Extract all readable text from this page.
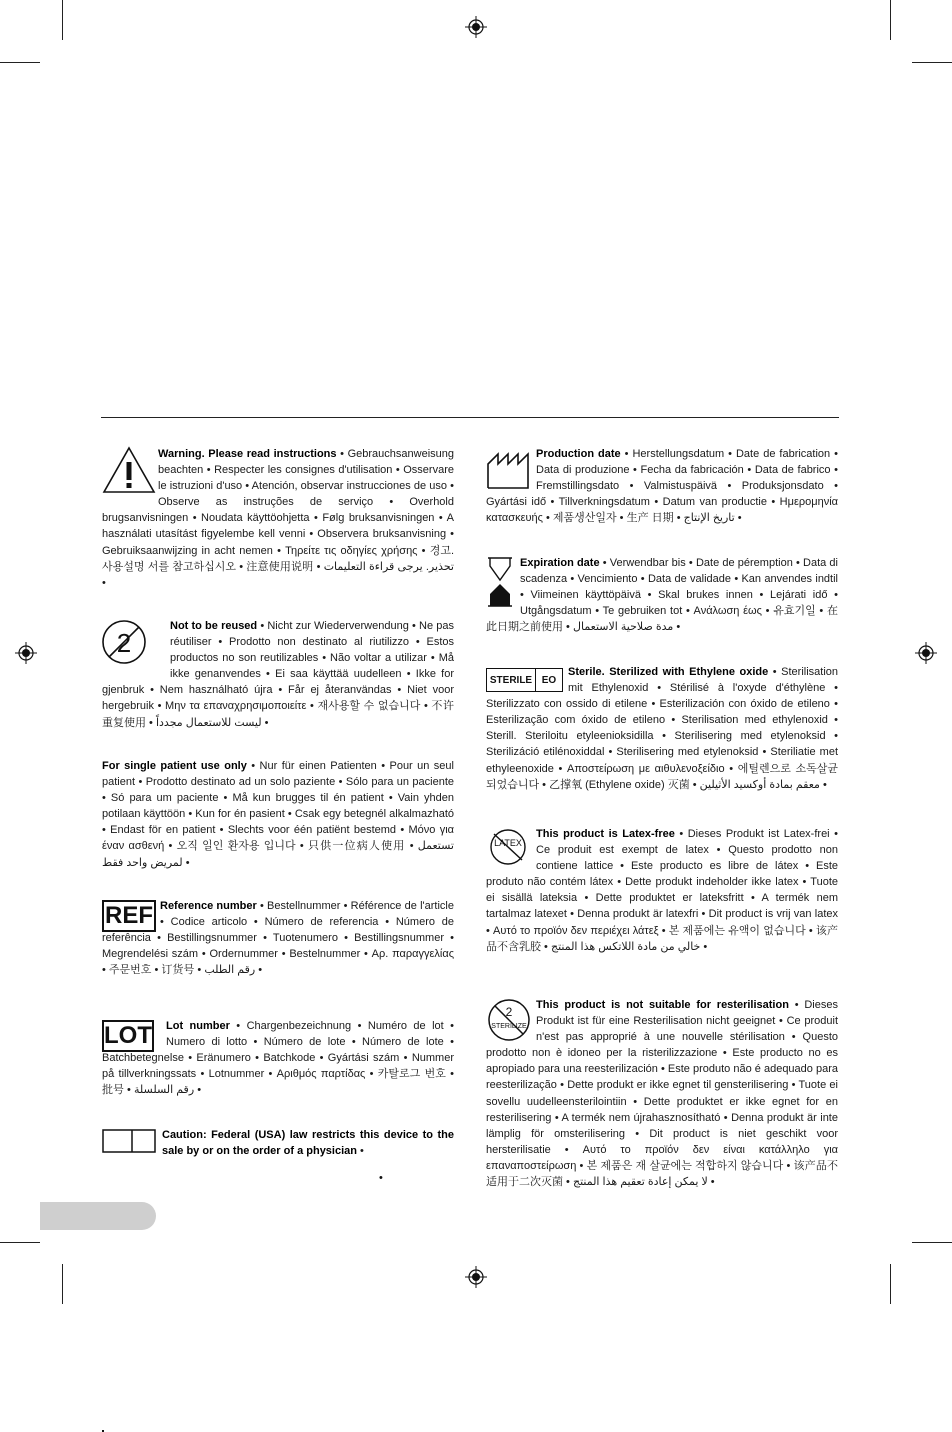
Warning. Please read instructions • Gebrauchsanweisung beachten • Respecter les consignes d'utilisation • Osservare le istruzioni d'uso • Atención, observar instrucciones de uso • Observe as instruções de serviço • Overhold brugsanvisningen • Noudata käyttöohjetta • Følg bruksanvisningen • A használati utasítást figyelembe kell venni • Observera bruksanvisning • Gebruiksaanwijzing in acht nemen • Τηρείτε τις οδηγίες χρήσης • 경고. 사용설명 서를 참고하십시오 • 注意使用说明 • تحذير. يرجى قراءة التعليمات •
2
Not to be reused • Nicht zur Wiederverwendung • Ne pas réutiliser • Prodotto non destinato al riutilizzo • Estos productos no son reutilizables • Não voltar a utilizar • Må ikke genanvendes • Ei saa käyttää uudelleen • Ikke for gjenbruk • Nem használható újra • Får ej återanvändas • Niet voor hergebruik • Μην τα επαναχρησιμοποιείτε • 재사용할 수 없습니다 • 不许重复使用 • ليست للاستعمال مجدداً •
For single patient use only • Nur für einen Patienten • Pour un seul patient • Prodotto destinato ad un solo paziente • Sólo para un paciente • Só para um paciente • Må kun brugges til én patient • Vain yhden potilaan käyttöön • Kun for én pasient • Csak egy betegnél alkalmazható • Endast för en patient • Slechts voor één patiënt bestemd • Μόνο για έναν ασθενή • 오직 일인 환자용 입니다 • 只供一位病人使用 • تستعمل لمريض واحد فقط •
REF Reference number • Bestellnummer • Référence de l'article • Codice articolo • Número de referencia • Número de referência • Bestillingsnummer • Tuotenumero • Bestillingsnummer • Megrendelési szám • Ordernummer • Bestelnummer • Αρ. παραγγελίας • 주문번호 • 订货号 • رقم الطلب •
LOT	Lot number • Chargenbezeichnung • Numéro de lot • Numero di lotto • Número de lote • Número de lote • Batchbetegnelse • Eränumero • Batchkode • Gyártási szám • Nummer på tillverkningssats • Lotnummer • Αριθμός παρτίδας • 카탈로그 번호 • 批号 • رقم السلسلة •
Caution: Federal (USA) law restricts this device to the sale by or on the order of a physician •
•
Production date • Herstellungsdatum • Date de fabrication • Data di produzione • Fecha da fabricación • Data de fabrico • Fremstillingsdato • Valmistuspäivä • Produksjonsdato • Gyártási idő • Tillverkningsdatum • Datum van productie • Ημερομηνία κατασκευής • 제품생산일자 • 生产 日期 • تاريخ الإنتاج •
Expiration date • Verwendbar bis • Date de péremption • Data di scadenza • Vencimiento • Data de validade • Kan anvendes indtil • Viimeinen käyttöpäivä • Skal brukes innen • Lejárati idő • Utgångsdatum • Te gebruiken tot • Ανάλωση έως • 유효기일 • 在此日期之前使用 • مدة صلاحية الاستعمال •
STERILE EO
Sterile. Sterilized with Ethylene oxide • Sterilisation mit Ethylenoxid • Stérilisé à l'oxyde d'éthylène • Sterilizzato con ossido di etilene • Esterilización con óxido de etileno • Esterilização com óxido de etileno • Sterilisation med ethylenoxid • Sterill. Steriloitu etyleenioksidilla • Sterilisering med etylenoksid • Sterilizáció etilénoxiddal • Sterilisering med etylenoksid • Steriliatie met ethyleenoxide • Αποστείρωση με αιθυλενοξείδιο • 에틸렌으로 소독살균 되었습니다 • 乙撑氧 (Ethylene oxide) 灭菌 • معقم بمادة أوكسيد الأثيلين •
LATEX
This product is Latex-free • Dieses Produkt ist Latex-frei • Ce produit est exempt de latex • Questo prodotto non contiene lattice • Este producto es libre de látex • Este produto não contém látex • Dette produkt indeholder ikke latex • Tuote ei sisällä lateksia • Dette produktet er lateksfritt • A termék nem tartalmaz latexet • Denna produkt är latexfri • Dit product is vrij van latex • Αυτό το προϊόν δεν περιέχει λάτεξ • 본 제품에는 유액이 없습니다 • 该产品不含乳胶 • خالي من مادة اللاتكس هذا المنتج •
2
STERILIZE
This product is not suitable for resterilisation • Dieses Produkt ist für eine Resterilisation nicht geeignet • Ce produit n'est pas approprié à une nouvelle stérilisation • Questo prodotto non è idoneo per la risterilizzazione • Este producto no es apropiado para una reesterilización • Este produto não é adequado para reesterilização • Dette produkt er ikke egnet til gensterilisering • Tuote ei sovellu uudelleensterilointiin • Dette produktet er ikke egnet for en resterilisering • A termék nem újrahasznosítható • Denna produkt är inte lämplig för omsterilisering • Dit product is niet geschikt voor hersterilisatie • Αυτό το προϊόν δεν είναι κατάλληλο για επαναποστείρωση • 본 제품은 재 살균에는 적합하지 않습니다 • 该产品不适用于二次灭菌 • لا يمكن إعادة تعقيم هذا المنتج •
